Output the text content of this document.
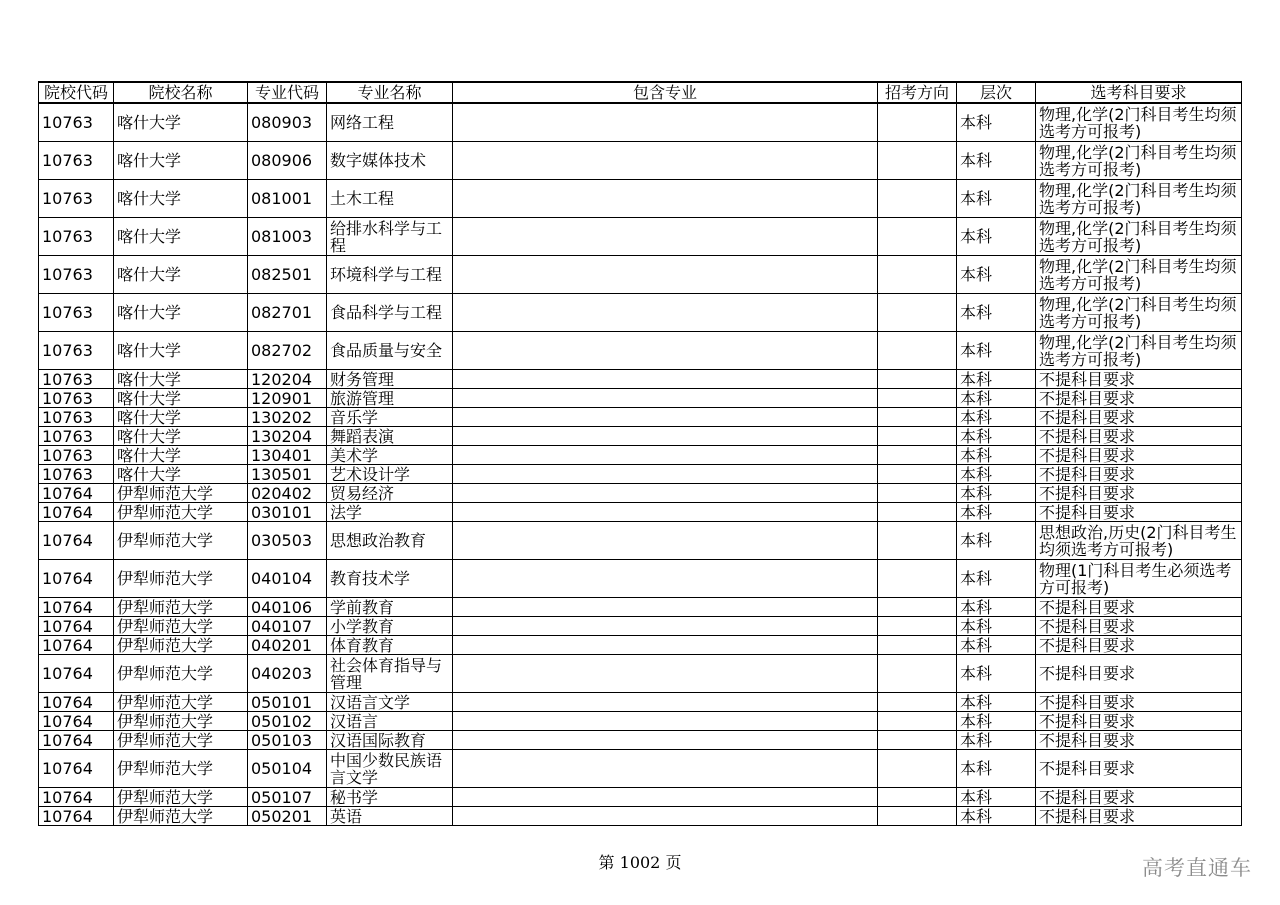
院校代码	院校名称	专业代码	专业名称	包含专业	招考方向	层次	选考科目要求
10763	喀什大学	080903	网络工程			本科	物理,化学(2门科目考生均须选考方可报考)
10763	喀什大学	080906	数字媒体技术			本科	物理,化学(2门科目考生均须选考方可报考)
10763	喀什大学	081001	土木工程			本科	物理,化学(2门科目考生均须选考方可报考)
10763	喀什大学	081003	给排水科学与工程			本科	物理,化学(2门科目考生均须选考方可报考)
10763	喀什大学	082501	环境科学与工程			本科	物理,化学(2门科目考生均须选考方可报考)
10763	喀什大学	082701	食品科学与工程			本科	物理,化学(2门科目考生均须选考方可报考)
10763	喀什大学	082702	食品质量与安全			本科	物理,化学(2门科目考生均须选考方可报考)
10763	喀什大学	120204	财务管理			本科	不提科目要求
10763	喀什大学	120901	旅游管理			本科	不提科目要求
10763	喀什大学	130202	音乐学			本科	不提科目要求
10763	喀什大学	130204	舞蹈表演			本科	不提科目要求
10763	喀什大学	130401	美术学			本科	不提科目要求
10763	喀什大学	130501	艺术设计学			本科	不提科目要求
10764	伊犁师范大学	020402	贸易经济			本科	不提科目要求
10764	伊犁师范大学	030101	法学			本科	不提科目要求
10764	伊犁师范大学	030503	思想政治教育			本科	思想政治,历史(2门科目考生均须选考方可报考)
10764	伊犁师范大学	040104	教育技术学			本科	物理(1门科目考生必须选考方可报考)
10764	伊犁师范大学	040106	学前教育			本科	不提科目要求
10764	伊犁师范大学	040107	小学教育			本科	不提科目要求
10764	伊犁师范大学	040201	体育教育			本科	不提科目要求
10764	伊犁师范大学	040203	社会体育指导与管理			本科	不提科目要求
10764	伊犁师范大学	050101	汉语言文学			本科	不提科目要求
10764	伊犁师范大学	050102	汉语言			本科	不提科目要求
10764	伊犁师范大学	050103	汉语国际教育			本科	不提科目要求
10764	伊犁师范大学	050104	中国少数民族语言文学			本科	不提科目要求
10764	伊犁师范大学	050107	秘书学			本科	不提科目要求
10764	伊犁师范大学	050201	英语			本科	不提科目要求
第 1002 页	高考直通车
